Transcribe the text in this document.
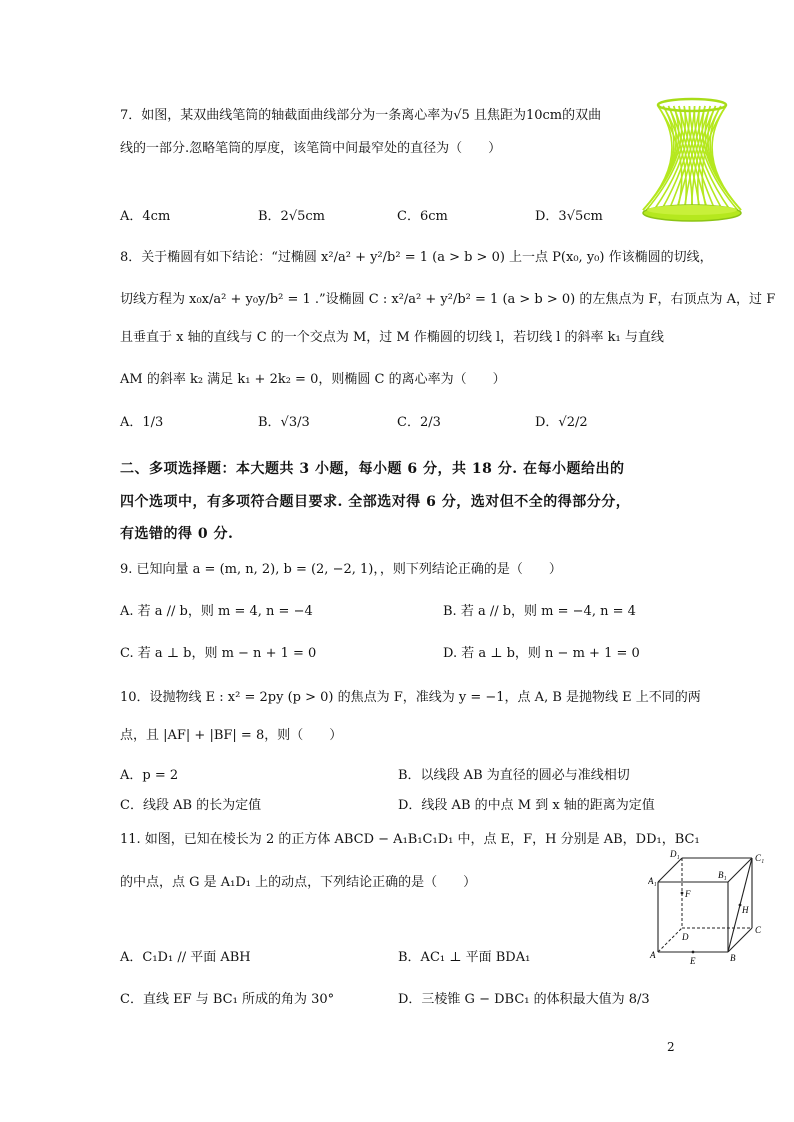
7．如图，某双曲线笔筒的轴截面曲线部分为一条离心率为√5 且焦距为10cm的双曲
线的一部分.忽略笔筒的厚度，该笔筒中间最窄处的直径为（　　）
A．4cm	B．2√5cm	C．6cm	D．3√5cm
8．关于椭圆有如下结论：“过椭圆 x²/a² + y²/b² = 1 (a > b > 0) 上一点 P(x₀, y₀) 作该椭圆的切线，
切线方程为 x₀x/a² + y₀y/b² = 1 .”设椭圆 C : x²/a² + y²/b² = 1 (a > b > 0) 的左焦点为 F，右顶点为 A，过 F
且垂直于 x 轴的直线与 C 的一个交点为 M，过 M 作椭圆的切线 l，若切线 l 的斜率 k₁ 与直线
AM 的斜率 k₂ 满足 k₁ + 2k₂ = 0，则椭圆 C 的离心率为（　　）
A．1/3	B．√3/3	C．2/3	D．√2/2
二、多项选择题：本大题共 3 小题，每小题 6 分，共 18 分. 在每小题给出的
四个选项中，有多项符合题目要求. 全部选对得 6 分，选对但不全的得部分分，
有选错的得 0 分.
9. 已知向量 a = (m, n, 2), b = (2, −2, 1)，，则下列结论正确的是（　　）
A. 若 a // b，则 m = 4, n = −4	B. 若 a // b，则 m = −4, n = 4
C. 若 a ⊥ b，则 m − n + 1 = 0	D. 若 a ⊥ b，则 n − m + 1 = 0
10．设抛物线 E : x² = 2py (p > 0) 的焦点为 F，准线为 y = −1，点 A, B 是抛物线 E 上不同的两
点，且 |AF| + |BF| = 8，则（　　）
A．p = 2	B．以线段 AB 为直径的圆必与准线相切
C．线段 AB 的长为定值	D．线段 AB 的中点 M 到 x 轴的距离为定值
11. 如图，已知在棱长为 2 的正方体 ABCD − A₁B₁C₁D₁ 中，点 E，F，H 分别是 AB，DD₁，BC₁
的中点，点 G 是 A₁D₁ 上的动点，下列结论正确的是（　　）
A．C₁D₁ // 平面 ABH	B．AC₁ ⊥ 平面 BDA₁
C．直线 EF 与 BC₁ 所成的角为 30°	D．三棱锥 G − DBC₁ 的体积最大值为 8/3
D₁	C₁
A₁
B₁
F
H
D
C
A
E	B
2
